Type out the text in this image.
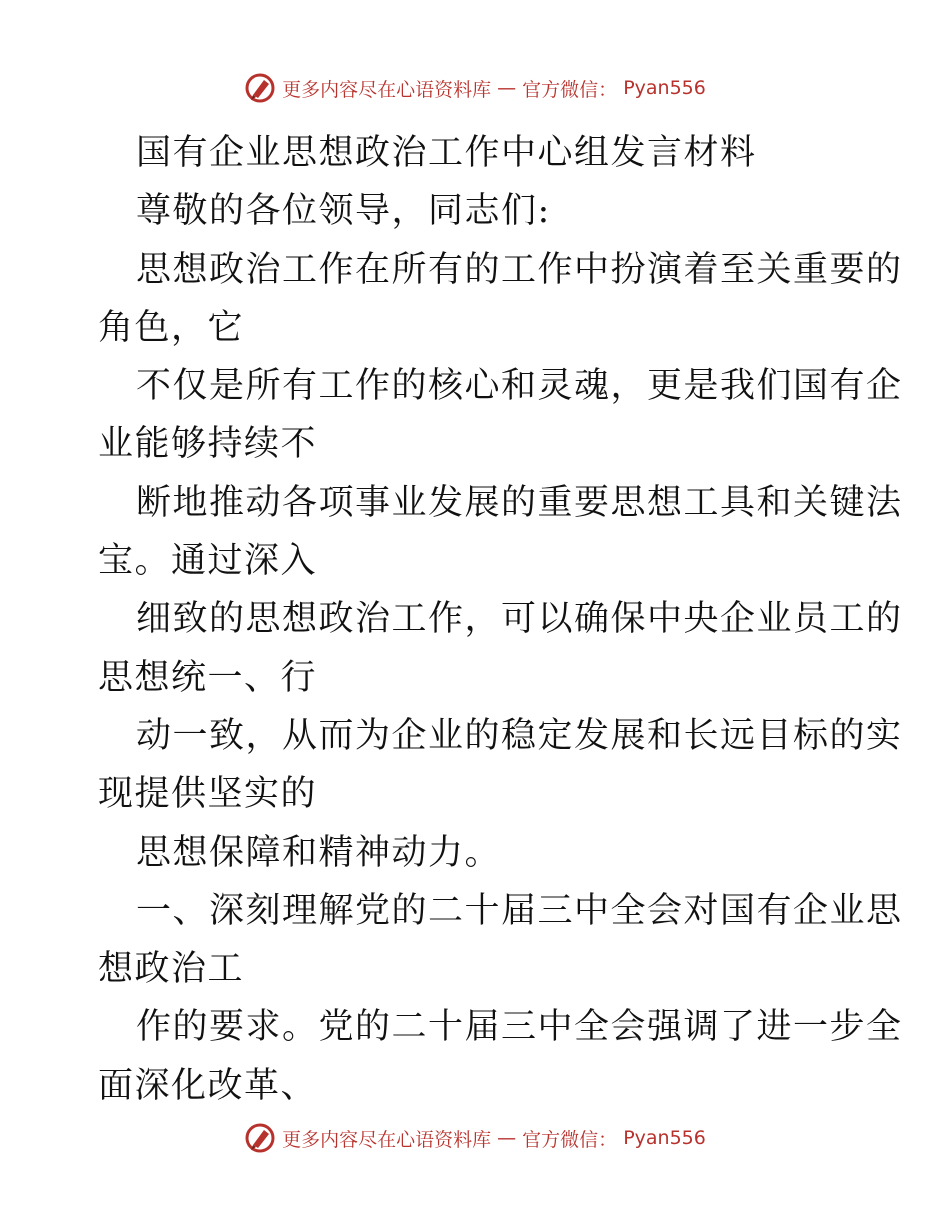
更多内容尽在心语资料库 — 官方微信： Pyan556
国有企业思想政治工作中心组发言材料
尊敬的各位领导，同志们:
思想政治工作在所有的工作中扮演着至关重要的
角色，它
不仅是所有工作的核心和灵魂，更是我们国有企
业能够持续不
断地推动各项事业发展的重要思想工具和关键法
宝。通过深入
细致的思想政治工作，可以确保中央企业员工的
思想统一、行
动一致，从而为企业的稳定发展和长远目标的实
现提供坚实的
思想保障和精神动力。
一、深刻理解党的二十届三中全会对国有企业思
想政治工
作的要求。党的二十届三中全会强调了进一步全
面深化改革、
更多内容尽在心语资料库 — 官方微信： Pyan556
